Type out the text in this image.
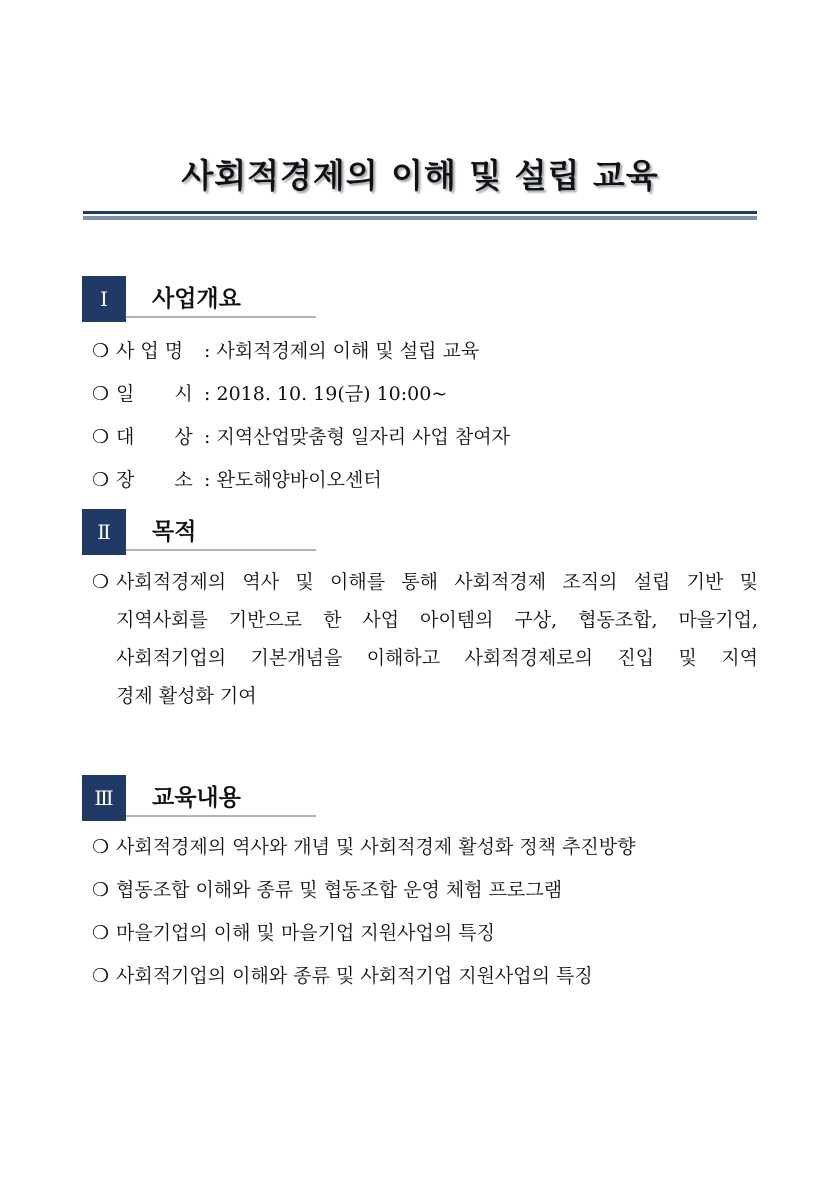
사회적경제의 이해 및 설립 교육
Ⅰ	사업개요
❍ 사 업 명 : 사회적경제의 이해 및 설립 교육
❍ 일 시 : 2018. 10. 19(금) 10:00~
❍ 대 상 : 지역산업맞춤형 일자리 사업 참여자
❍ 장 소 : 완도해양바이오센터
Ⅱ	목적
❍ 사회적경제의 역사 및 이해를 통해 사회적경제 조직의 설립 기반 및
지역사회를 기반으로 한 사업 아이템의 구상, 협동조합, 마을기업,
사회적기업의 기본개념을 이해하고 사회적경제로의 진입 및 지역
경제 활성화 기여
Ⅲ	교육내용
❍ 사회적경제의 역사와 개념 및 사회적경제 활성화 정책 추진방향
❍ 협동조합 이해와 종류 및 협동조합 운영 체험 프로그램
❍ 마을기업의 이해 및 마을기업 지원사업의 특징
❍ 사회적기업의 이해와 종류 및 사회적기업 지원사업의 특징
